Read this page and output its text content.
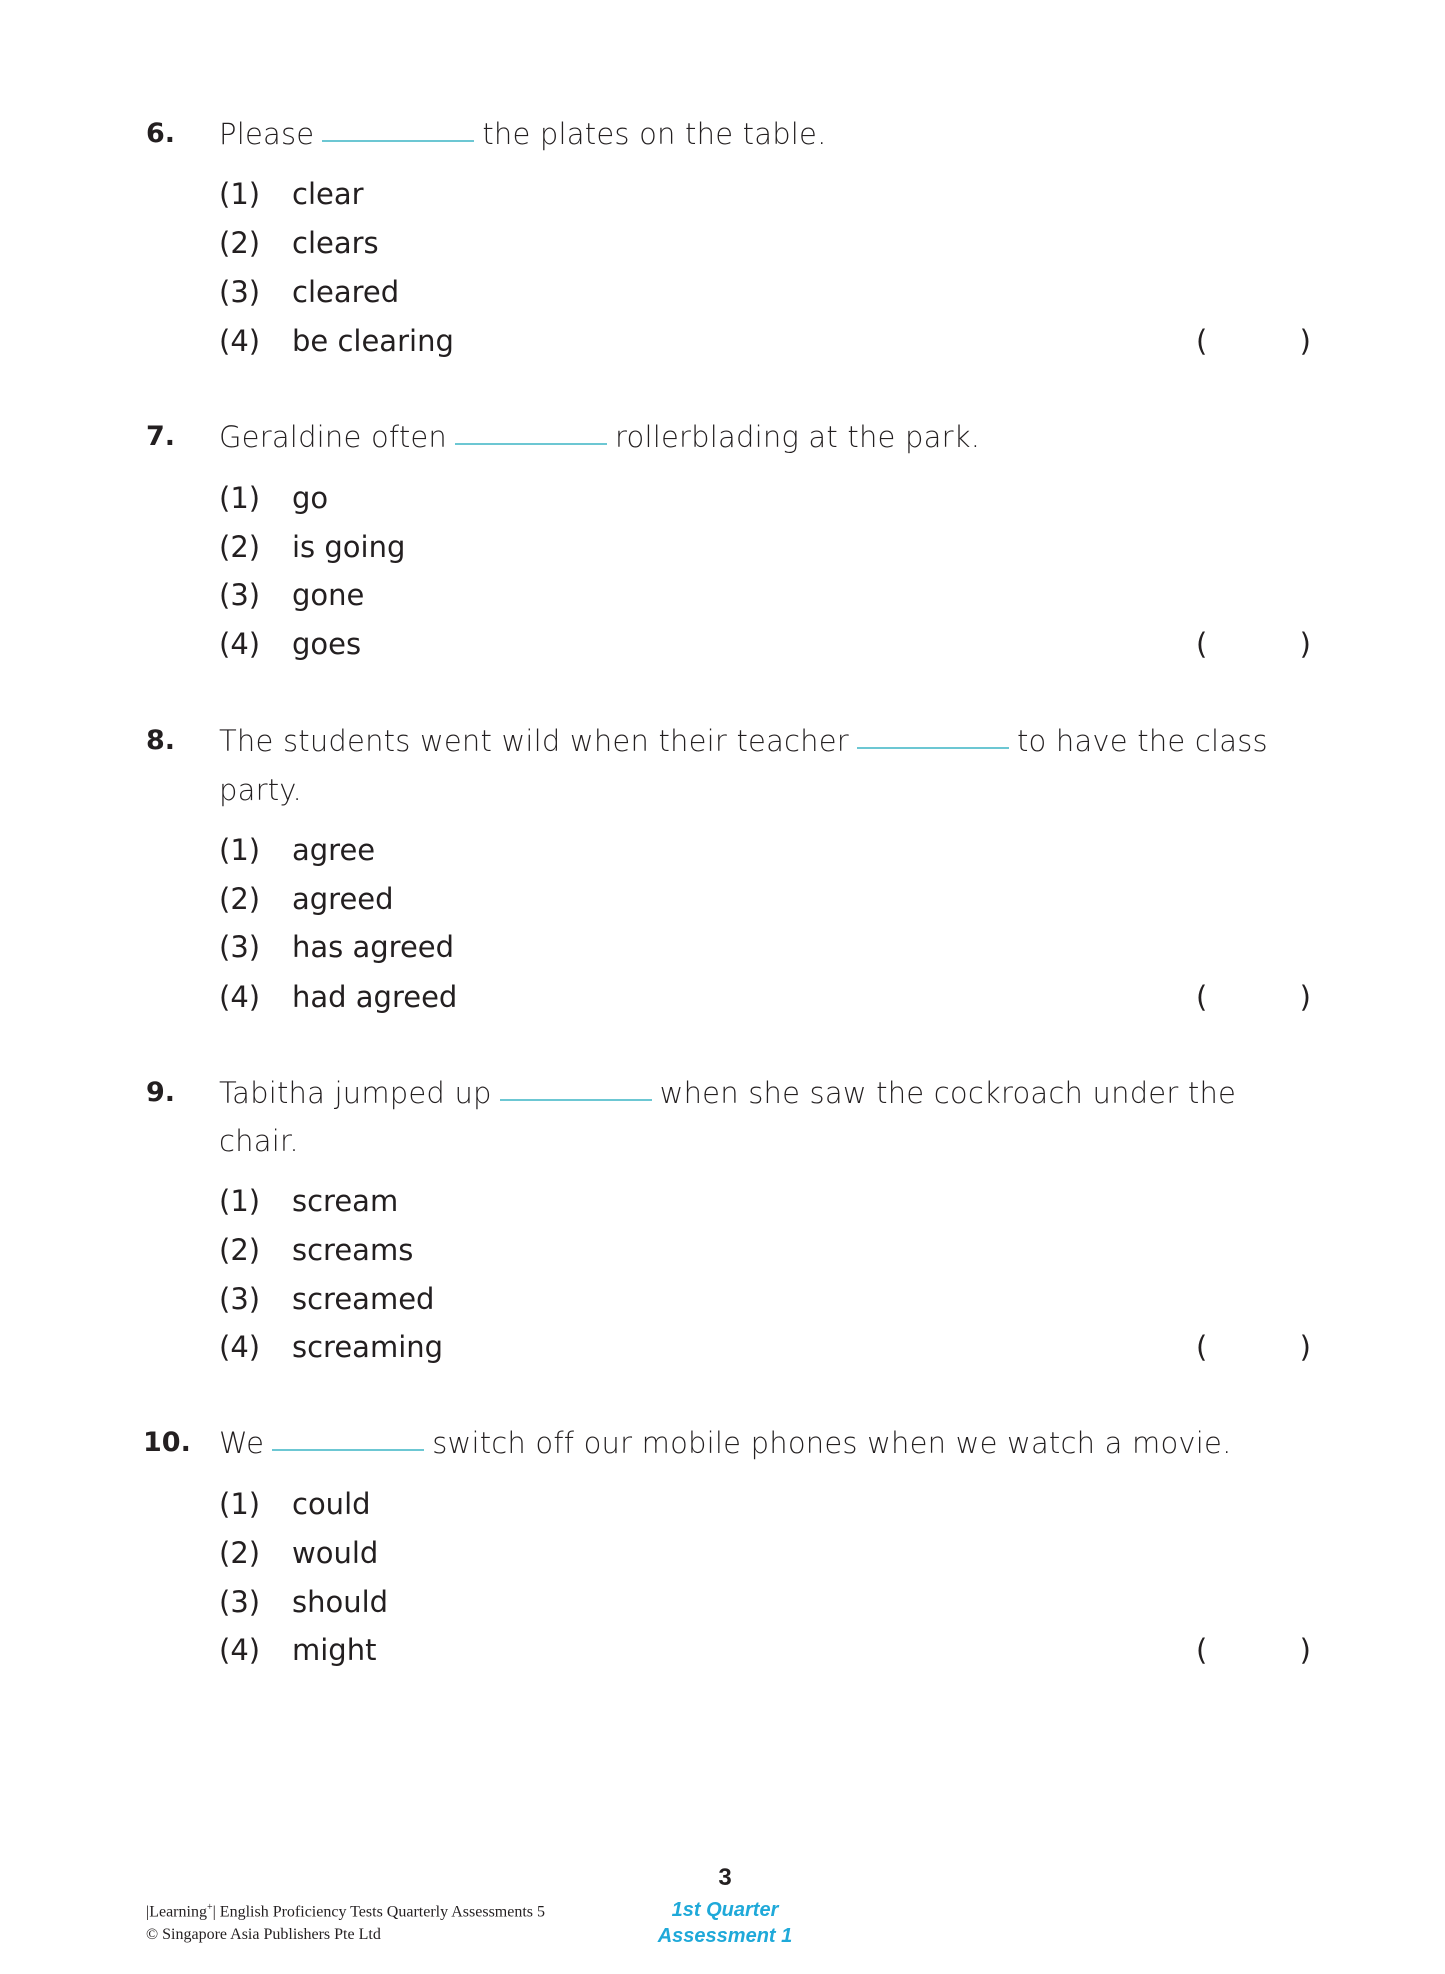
6. Please	the plates on the table.
(1) clear
(2) clears
(3) cleared
(4) be clearing	(	)
7. Geraldine often	rollerblading at the park.
(1) go
(2) is going
(3) gone
(4) goes	(	)
8. The students went wild when their teacher	to have the class
party.
(1) agree
(2) agreed
(3) has agreed
(4) had agreed	(	)
9. Tabitha jumped up	when she saw the cockroach under the
chair.
(1) scream
(2) screams
(3) screamed
(4) screaming	(	)
10. We	switch off our mobile phones when we watch a movie.
(1) could
(2) would
(3) should
(4) might	(	)
|Learning+| English Proficiency Tests Quarterly Assessments 5
© Singapore Asia Publishers Pte Ltd
3
1st Quarter
Assessment 1
